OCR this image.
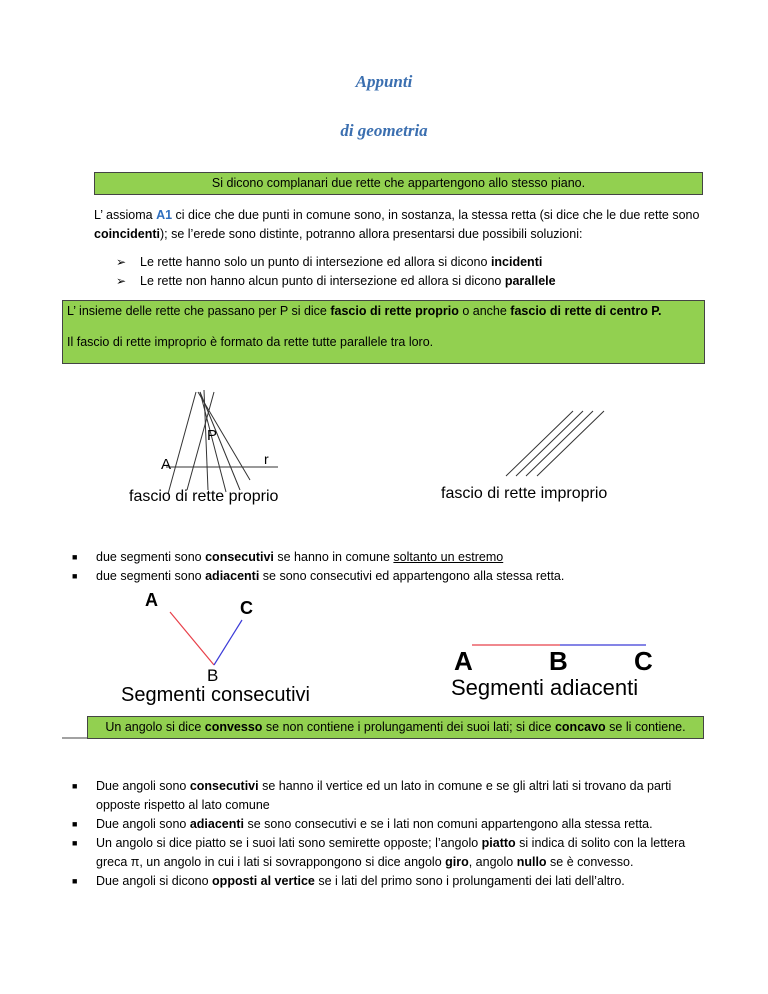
Appunti
di geometria
Si dicono complanari due rette che appartengono allo stesso piano.

L’ assioma A1 ci dice che due punti in comune sono, in sostanza, la stessa retta (si dice che le due rette sono coincidenti); se l’erede sono distinte, potranno allora presentarsi due possibili soluzioni:

➢ Le rette hanno solo un punto di intersezione ed allora si dicono incidenti
➢ Le rette non hanno alcun punto di intersezione ed allora si dicono parallele
L’ insieme delle rette che passano per P si dice fascio di rette proprio o anche fascio di rette di centro P.
Il fascio di rette improprio è formato da rette tutte parallele tra loro.
P
A	r
fascio di rette proprio	fascio di rette improprio
■ due segmenti sono consecutivi se hanno in comune soltanto un estremo
■ due segmenti sono adiacenti se sono consecutivi ed appartengono alla stessa retta.
A	C
B
Segmenti consecutivi
A	B	C
Segmenti adiacenti
Un angolo si dice convesso se non contiene i prolungamenti dei suoi lati; si dice concavo se li contiene.
■ Due angoli sono consecutivi se hanno il vertice ed un lato in comune e se gli altri lati si trovano da parti opposte rispetto al lato comune
■ Due angoli sono adiacenti se sono consecutivi e se i lati non comuni appartengono alla stessa retta.
■ Un angolo si dice piatto se i suoi lati sono semirette opposte; l’angolo piatto si indica di solito con la lettera greca π, un angolo in cui i lati si sovrappongono si dice angolo giro, angolo nullo se è convesso.
■ Due angoli si dicono opposti al vertice se i lati del primo sono i prolungamenti dei lati dell’altro.
